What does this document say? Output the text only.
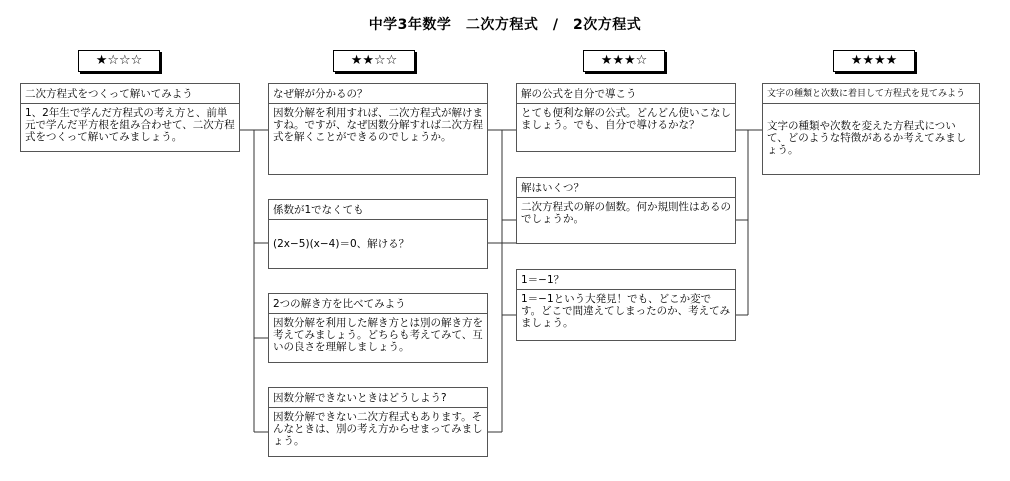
中学3年数学　二次方程式　/　2次方程式
★☆☆☆	★★☆☆	★★★☆	★★★★
二次方程式をつくって解いてみよう
1、2年生で学んだ方程式の考え方と、前単元で学んだ平方根を組み合わせて、二次方程式をつくって解いてみましょう。
なぜ解が分かるの？
因数分解を利用すれば、二次方程式が解けますね。ですが、なぜ因数分解すれば二次方程式を解くことができるのでしょうか。
係数が1でなくても
(2x−5)(x−4)＝0、解ける？
2つの解き方を比べてみよう
因数分解を利用した解き方とは別の解き方を考えてみましょう。どちらも考えてみて、互いの良さを理解しましょう。
因数分解できないときはどうしよう?
因数分解できない二次方程式もあります。そんなときは、別の考え方からせまってみましょう。
解の公式を自分で導こう
とても便利な解の公式。どんどん使いこなしましょう。でも、自分で導けるかな？
解はいくつ？
二次方程式の解の個数。何か規則性はあるのでしょうか。
1＝−1？
1＝−1という大発見！でも、どこか変です。どこで間違えてしまったのか、考えてみましょう。
文字の種類と次数に着目して方程式を見てみよう
文字の種類や次数を変えた方程式について、どのような特徴があるか考えてみましょう。
